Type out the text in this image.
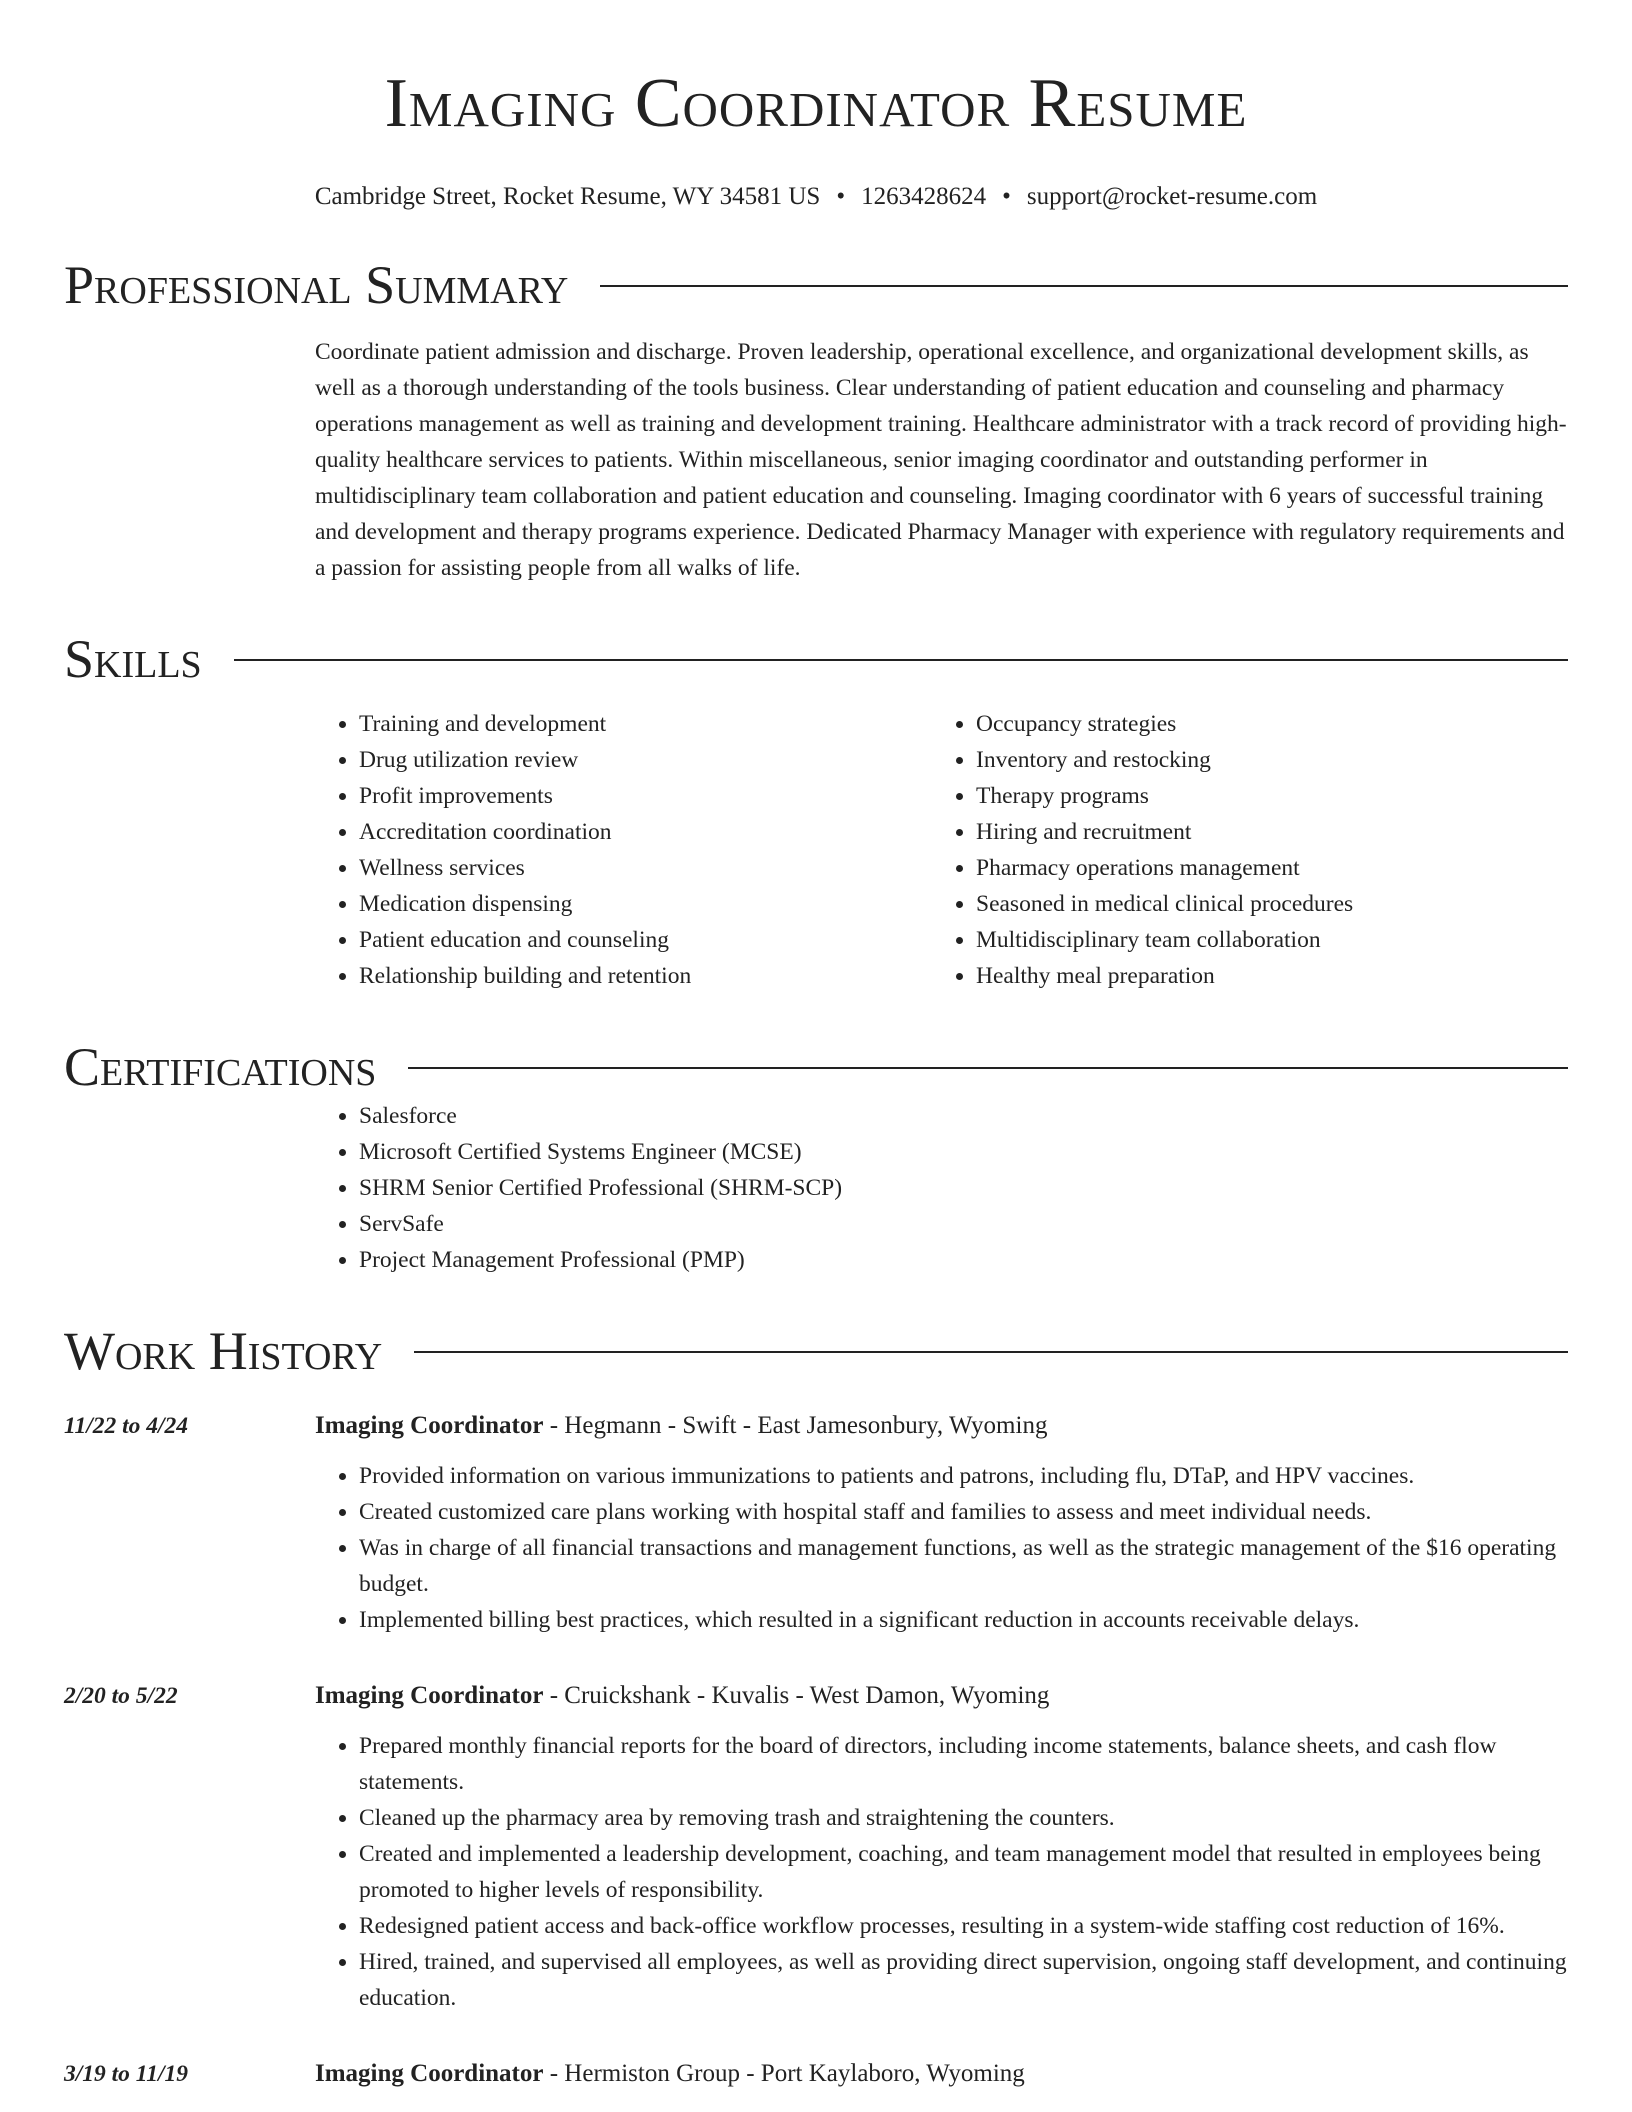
Imaging Coordinator Resume
Cambridge Street, Rocket Resume, WY 34581 US • 1263428624 • support@rocket-resume.com
Professional Summary

Coordinate patient admission and discharge. Proven leadership, operational excellence, and organizational development skills, as well as a thorough understanding of the tools business. Clear understanding of patient education and counseling and pharmacy operations management as well as training and development training. Healthcare administrator with a track record of providing high-quality healthcare services to patients. Within miscellaneous, senior imaging coordinator and outstanding performer in multidisciplinary team collaboration and patient education and counseling. Imaging coordinator with 6 years of successful training and development and therapy programs experience. Dedicated Pharmacy Manager with experience with regulatory requirements and a passion for assisting people from all walks of life.

Skills
• Training and development
• Drug utilization review
• Profit improvements
• Accreditation coordination
• Wellness services
• Medication dispensing
• Patient education and counseling
• Relationship building and retention
• Occupancy strategies
• Inventory and restocking
• Therapy programs
• Hiring and recruitment
• Pharmacy operations management
• Seasoned in medical clinical procedures
• Multidisciplinary team collaboration
• Healthy meal preparation
Certifications
• Salesforce
• Microsoft Certified Systems Engineer (MCSE)
• SHRM Senior Certified Professional (SHRM-SCP)
• ServSafe
• Project Management Professional (PMP)
Work History
11/22 to 4/24	Imaging Coordinator - Hegmann - Swift - East Jamesonbury, Wyoming
• Provided information on various immunizations to patients and patrons, including flu, DTaP, and HPV vaccines.
• Created customized care plans working with hospital staff and families to assess and meet individual needs.
• Was in charge of all financial transactions and management functions, as well as the strategic management of the $16 operating budget.
• Implemented billing best practices, which resulted in a significant reduction in accounts receivable delays.
2/20 to 5/22	Imaging Coordinator - Cruickshank - Kuvalis - West Damon, Wyoming
• Prepared monthly financial reports for the board of directors, including income statements, balance sheets, and cash flow statements.
• Cleaned up the pharmacy area by removing trash and straightening the counters.
• Created and implemented a leadership development, coaching, and team management model that resulted in employees being promoted to higher levels of responsibility.
• Redesigned patient access and back-office workflow processes, resulting in a system-wide staffing cost reduction of 16%.
• Hired, trained, and supervised all employees, as well as providing direct supervision, ongoing staff development, and continuing education.
3/19 to 11/19	Imaging Coordinator - Hermiston Group - Port Kaylaboro, Wyoming
